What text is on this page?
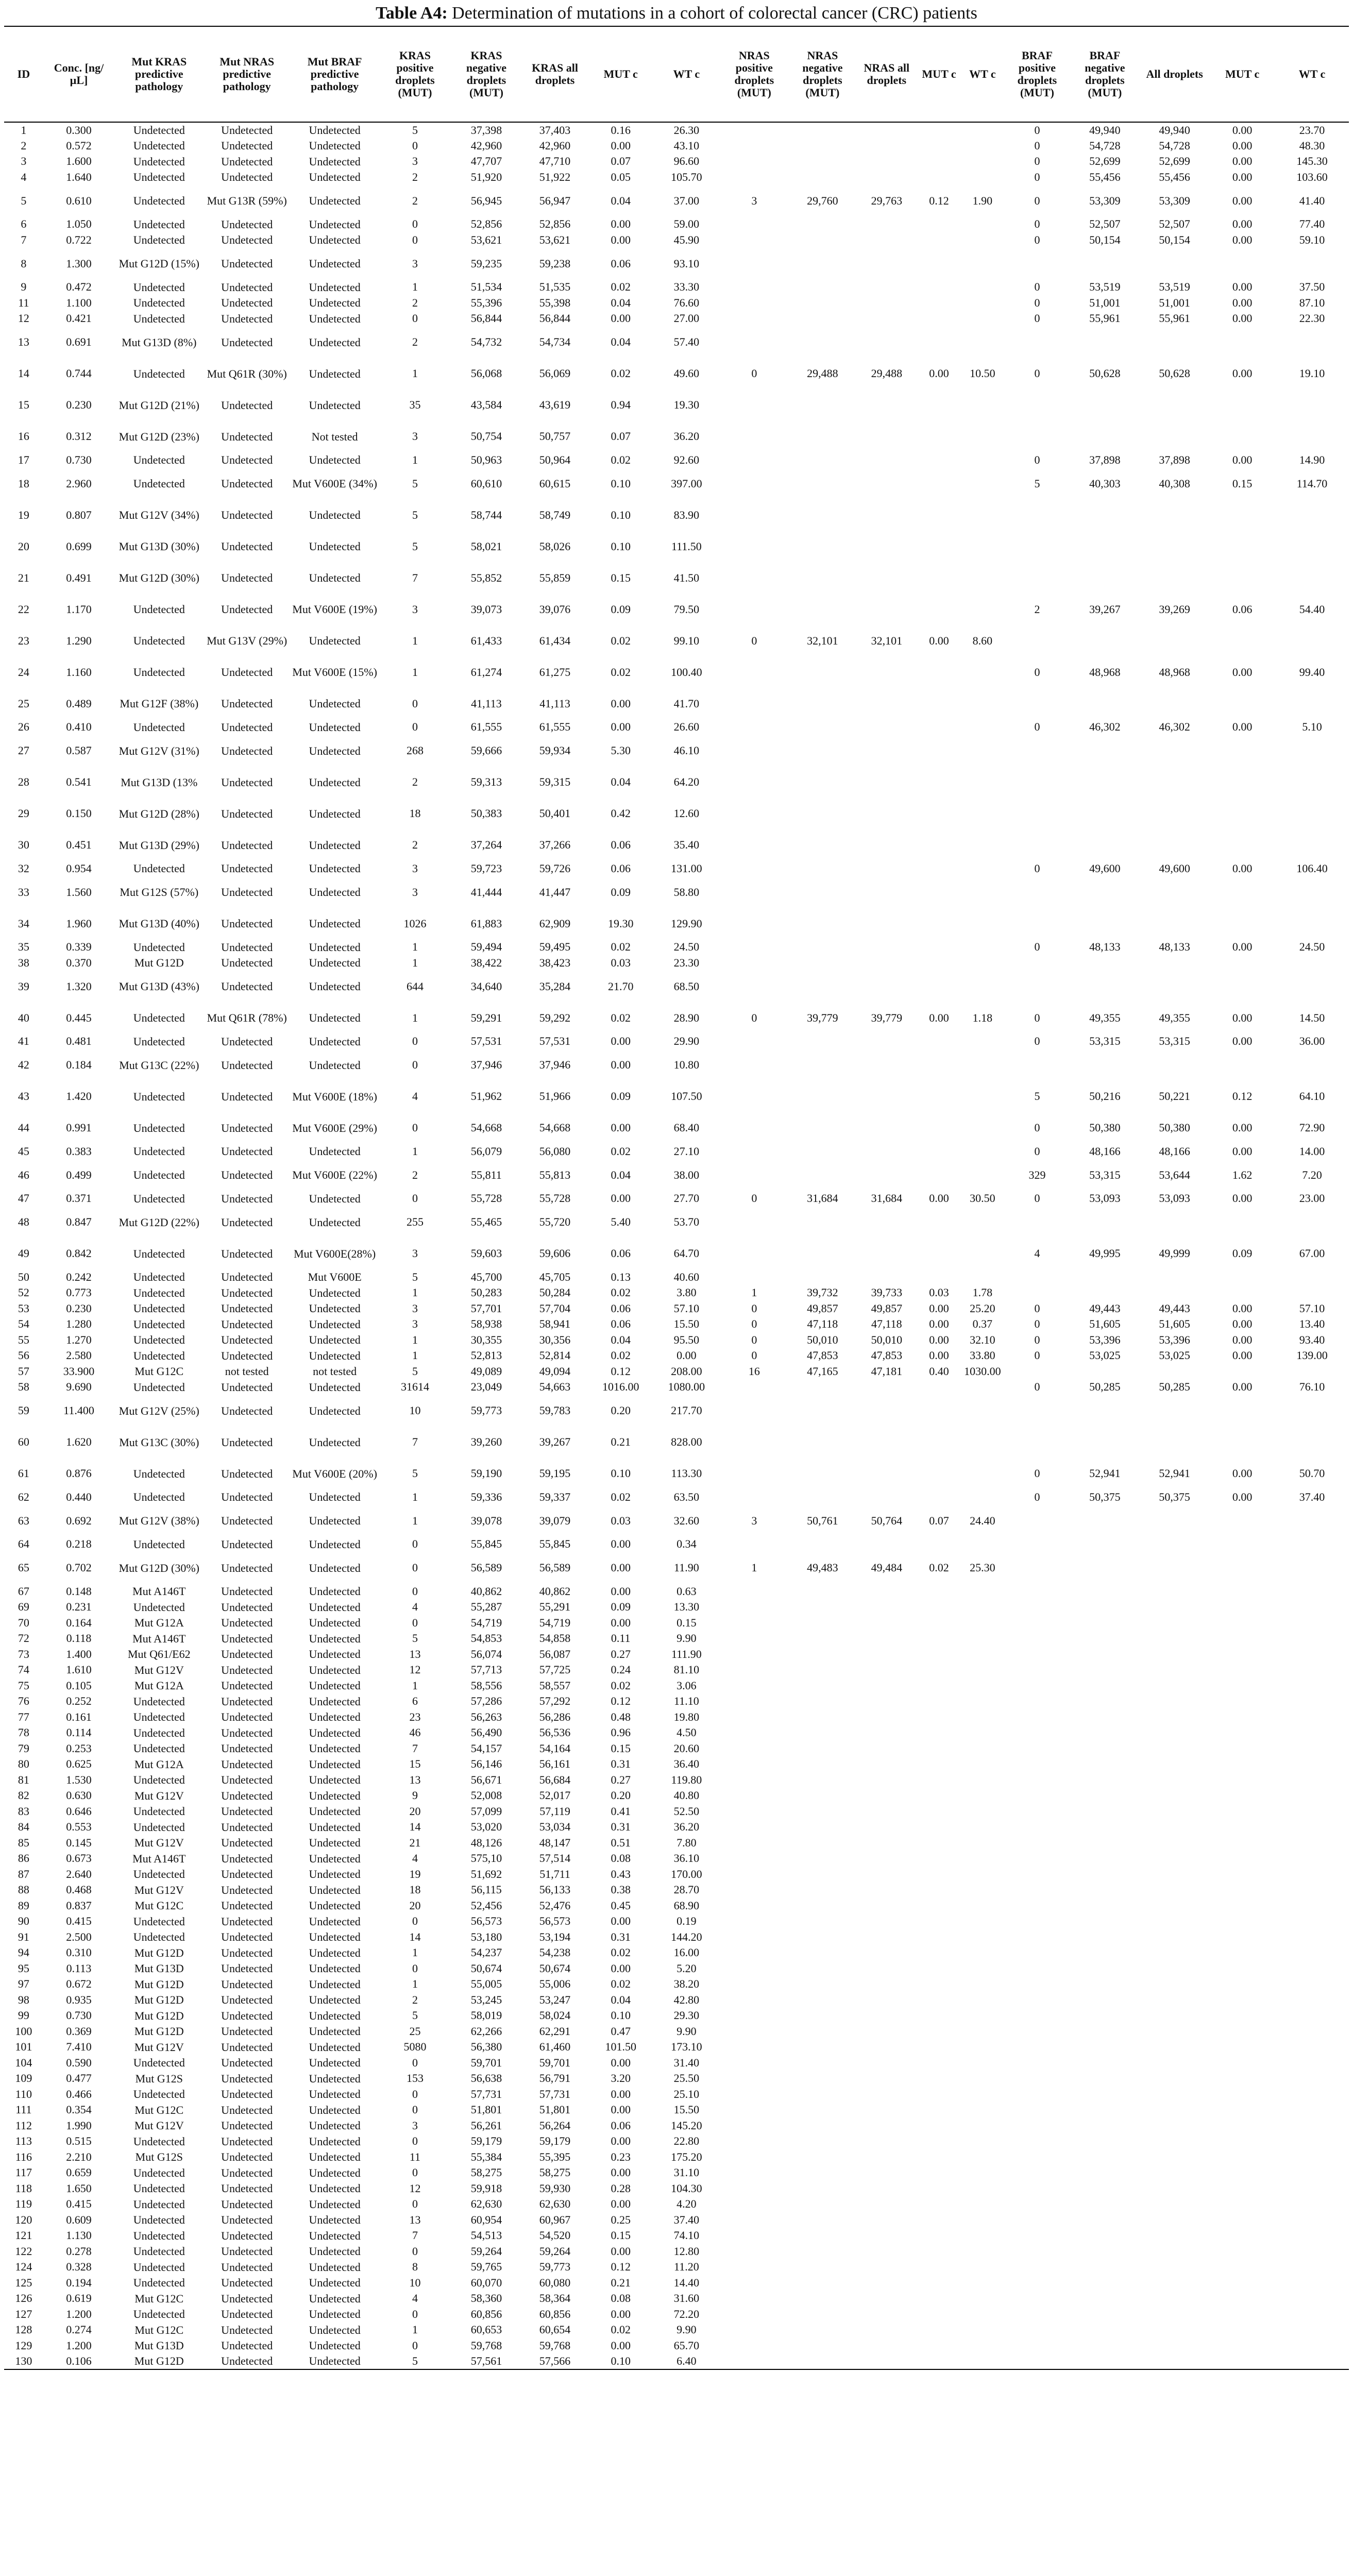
Table A4: Determination of mutations in a cohort of colorectal cancer (CRC) patients
ID	Conc. [ng/µL]	Mut KRAS predictive pathology	Mut NRAS predictive pathology	Mut BRAF predictive pathology	KRAS positive droplets (MUT)	KRAS negative droplets (MUT)	KRAS all droplets	MUT c	WT c	NRAS positive droplets (MUT)	NRAS negative droplets (MUT)	NRAS all droplets	MUT c	WT c	BRAF positive droplets (MUT)	BRAF negative droplets (MUT)	All droplets	MUT c	WT c
1	0.300	Undetected	Undetected	Undetected	5	37,398	37,403	0.16	26.30						0	49,940	49,940	0.00	23.70
2	0.572	Undetected	Undetected	Undetected	0	42,960	42,960	0.00	43.10						0	54,728	54,728	0.00	48.30
3	1.600	Undetected	Undetected	Undetected	3	47,707	47,710	0.07	96.60						0	52,699	52,699	0.00	145.30
4	1.640	Undetected	Undetected	Undetected	2	51,920	51,922	0.05	105.70						0	55,456	55,456	0.00	103.60
5	0.610	Undetected	Mut G13R (59%)	Undetected	2	56,945	56,947	0.04	37.00	3	29,760	29,763	0.12	1.90	0	53,309	53,309	0.00	41.40
6	1.050	Undetected	Undetected	Undetected	0	52,856	52,856	0.00	59.00						0	52,507	52,507	0.00	77.40
7	0.722	Undetected	Undetected	Undetected	0	53,621	53,621	0.00	45.90						0	50,154	50,154	0.00	59.10
8	1.300	Mut G12D (15%)	Undetected	Undetected	3	59,235	59,238	0.06	93.10										
9	0.472	Undetected	Undetected	Undetected	1	51,534	51,535	0.02	33.30						0	53,519	53,519	0.00	37.50
11	1.100	Undetected	Undetected	Undetected	2	55,396	55,398	0.04	76.60						0	51,001	51,001	0.00	87.10
12	0.421	Undetected	Undetected	Undetected	0	56,844	56,844	0.00	27.00						0	55,961	55,961	0.00	22.30
13	0.691	Mut G13D (8%)	Undetected	Undetected	2	54,732	54,734	0.04	57.40										
14	0.744	Undetected	Mut Q61R (30%)	Undetected	1	56,068	56,069	0.02	49.60	0	29,488	29,488	0.00	10.50	0	50,628	50,628	0.00	19.10
15	0.230	Mut G12D (21%)	Undetected	Undetected	35	43,584	43,619	0.94	19.30										
16	0.312	Mut G12D (23%)	Undetected	Not tested	3	50,754	50,757	0.07	36.20										
17	0.730	Undetected	Undetected	Undetected	1	50,963	50,964	0.02	92.60						0	37,898	37,898	0.00	14.90
18	2.960	Undetected	Undetected	Mut V600E (34%)	5	60,610	60,615	0.10	397.00						5	40,303	40,308	0.15	114.70
19	0.807	Mut G12V (34%)	Undetected	Undetected	5	58,744	58,749	0.10	83.90										
20	0.699	Mut G13D (30%)	Undetected	Undetected	5	58,021	58,026	0.10	111.50										
21	0.491	Mut G12D (30%)	Undetected	Undetected	7	55,852	55,859	0.15	41.50										
22	1.170	Undetected	Undetected	Mut V600E (19%)	3	39,073	39,076	0.09	79.50						2	39,267	39,269	0.06	54.40
23	1.290	Undetected	Mut G13V (29%)	Undetected	1	61,433	61,434	0.02	99.10	0	32,101	32,101	0.00	8.60					
24	1.160	Undetected	Undetected	Mut V600E (15%)	1	61,274	61,275	0.02	100.40						0	48,968	48,968	0.00	99.40
25	0.489	Mut G12F (38%)	Undetected	Undetected	0	41,113	41,113	0.00	41.70										
26	0.410	Undetected	Undetected	Undetected	0	61,555	61,555	0.00	26.60						0	46,302	46,302	0.00	5.10
27	0.587	Mut G12V (31%)	Undetected	Undetected	268	59,666	59,934	5.30	46.10										
28	0.541	Mut G13D (13%	Undetected	Undetected	2	59,313	59,315	0.04	64.20										
29	0.150	Mut G12D (28%)	Undetected	Undetected	18	50,383	50,401	0.42	12.60										
30	0.451	Mut G13D (29%)	Undetected	Undetected	2	37,264	37,266	0.06	35.40										
32	0.954	Undetected	Undetected	Undetected	3	59,723	59,726	0.06	131.00						0	49,600	49,600	0.00	106.40
33	1.560	Mut G12S (57%)	Undetected	Undetected	3	41,444	41,447	0.09	58.80										
34	1.960	Mut G13D (40%)	Undetected	Undetected	1026	61,883	62,909	19.30	129.90										
35	0.339	Undetected	Undetected	Undetected	1	59,494	59,495	0.02	24.50						0	48,133	48,133	0.00	24.50
38	0.370	Mut G12D	Undetected	Undetected	1	38,422	38,423	0.03	23.30										
39	1.320	Mut G13D (43%)	Undetected	Undetected	644	34,640	35,284	21.70	68.50										
40	0.445	Undetected	Mut Q61R (78%)	Undetected	1	59,291	59,292	0.02	28.90	0	39,779	39,779	0.00	1.18	0	49,355	49,355	0.00	14.50
41	0.481	Undetected	Undetected	Undetected	0	57,531	57,531	0.00	29.90						0	53,315	53,315	0.00	36.00
42	0.184	Mut G13C (22%)	Undetected	Undetected	0	37,946	37,946	0.00	10.80										
43	1.420	Undetected	Undetected	Mut V600E (18%)	4	51,962	51,966	0.09	107.50						5	50,216	50,221	0.12	64.10
44	0.991	Undetected	Undetected	Mut V600E (29%)	0	54,668	54,668	0.00	68.40						0	50,380	50,380	0.00	72.90
45	0.383	Undetected	Undetected	Undetected	1	56,079	56,080	0.02	27.10						0	48,166	48,166	0.00	14.00
46	0.499	Undetected	Undetected	Mut V600E (22%)	2	55,811	55,813	0.04	38.00						329	53,315	53,644	1.62	7.20
47	0.371	Undetected	Undetected	Undetected	0	55,728	55,728	0.00	27.70	0	31,684	31,684	0.00	30.50	0	53,093	53,093	0.00	23.00
48	0.847	Mut G12D (22%)	Undetected	Undetected	255	55,465	55,720	5.40	53.70										
49	0.842	Undetected	Undetected	Mut V600E(28%)	3	59,603	59,606	0.06	64.70						4	49,995	49,999	0.09	67.00
50	0.242	Undetected	Undetected	Mut V600E	5	45,700	45,705	0.13	40.60										
52	0.773	Undetected	Undetected	Undetected	1	50,283	50,284	0.02	3.80	1	39,732	39,733	0.03	1.78					
53	0.230	Undetected	Undetected	Undetected	3	57,701	57,704	0.06	57.10	0	49,857	49,857	0.00	25.20	0	49,443	49,443	0.00	57.10
54	1.280	Undetected	Undetected	Undetected	3	58,938	58,941	0.06	15.50	0	47,118	47,118	0.00	0.37	0	51,605	51,605	0.00	13.40
55	1.270	Undetected	Undetected	Undetected	1	30,355	30,356	0.04	95.50	0	50,010	50,010	0.00	32.10	0	53,396	53,396	0.00	93.40
56	2.580	Undetected	Undetected	Undetected	1	52,813	52,814	0.02	0.00	0	47,853	47,853	0.00	33.80	0	53,025	53,025	0.00	139.00
57	33.900	Mut G12C	not tested	not tested	5	49,089	49,094	0.12	208.00	16	47,165	47,181	0.40	1030.00					
58	9.690	Undetected	Undetected	Undetected	31614	23,049	54,663	1016.00	1080.00						0	50,285	50,285	0.00	76.10
59	11.400	Mut G12V (25%)	Undetected	Undetected	10	59,773	59,783	0.20	217.70										
60	1.620	Mut G13C (30%)	Undetected	Undetected	7	39,260	39,267	0.21	828.00										
61	0.876	Undetected	Undetected	Mut V600E (20%)	5	59,190	59,195	0.10	113.30						0	52,941	52,941	0.00	50.70
62	0.440	Undetected	Undetected	Undetected	1	59,336	59,337	0.02	63.50						0	50,375	50,375	0.00	37.40
63	0.692	Mut G12V (38%)	Undetected	Undetected	1	39,078	39,079	0.03	32.60	3	50,761	50,764	0.07	24.40					
64	0.218	Undetected	Undetected	Undetected	0	55,845	55,845	0.00	0.34										
65	0.702	Mut G12D (30%)	Undetected	Undetected	0	56,589	56,589	0.00	11.90	1	49,483	49,484	0.02	25.30					
67	0.148	Mut A146T	Undetected	Undetected	0	40,862	40,862	0.00	0.63										
69	0.231	Undetected	Undetected	Undetected	4	55,287	55,291	0.09	13.30										
70	0.164	Mut G12A	Undetected	Undetected	0	54,719	54,719	0.00	0.15										
72	0.118	Mut A146T	Undetected	Undetected	5	54,853	54,858	0.11	9.90										
73	1.400	Mut Q61/E62	Undetected	Undetected	13	56,074	56,087	0.27	111.90										
74	1.610	Mut G12V	Undetected	Undetected	12	57,713	57,725	0.24	81.10										
75	0.105	Mut G12A	Undetected	Undetected	1	58,556	58,557	0.02	3.06										
76	0.252	Undetected	Undetected	Undetected	6	57,286	57,292	0.12	11.10										
77	0.161	Undetected	Undetected	Undetected	23	56,263	56,286	0.48	19.80										
78	0.114	Undetected	Undetected	Undetected	46	56,490	56,536	0.96	4.50										
79	0.253	Undetected	Undetected	Undetected	7	54,157	54,164	0.15	20.60										
80	0.625	Mut G12A	Undetected	Undetected	15	56,146	56,161	0.31	36.40										
81	1.530	Undetected	Undetected	Undetected	13	56,671	56,684	0.27	119.80										
82	0.630	Mut G12V	Undetected	Undetected	9	52,008	52,017	0.20	40.80										
83	0.646	Undetected	Undetected	Undetected	20	57,099	57,119	0.41	52.50										
84	0.553	Undetected	Undetected	Undetected	14	53,020	53,034	0.31	36.20										
85	0.145	Mut G12V	Undetected	Undetected	21	48,126	48,147	0.51	7.80										
86	0.673	Mut A146T	Undetected	Undetected	4	575,10	57,514	0.08	36.10										
87	2.640	Undetected	Undetected	Undetected	19	51,692	51,711	0.43	170.00										
88	0.468	Mut G12V	Undetected	Undetected	18	56,115	56,133	0.38	28.70										
89	0.837	Mut G12C	Undetected	Undetected	20	52,456	52,476	0.45	68.90										
90	0.415	Undetected	Undetected	Undetected	0	56,573	56,573	0.00	0.19										
91	2.500	Undetected	Undetected	Undetected	14	53,180	53,194	0.31	144.20										
94	0.310	Mut G12D	Undetected	Undetected	1	54,237	54,238	0.02	16.00										
95	0.113	Mut G13D	Undetected	Undetected	0	50,674	50,674	0.00	5.20										
97	0.672	Mut G12D	Undetected	Undetected	1	55,005	55,006	0.02	38.20										
98	0.935	Mut G12D	Undetected	Undetected	2	53,245	53,247	0.04	42.80										
99	0.730	Mut G12D	Undetected	Undetected	5	58,019	58,024	0.10	29.30										
100	0.369	Mut G12D	Undetected	Undetected	25	62,266	62,291	0.47	9.90										
101	7.410	Mut G12V	Undetected	Undetected	5080	56,380	61,460	101.50	173.10										
104	0.590	Undetected	Undetected	Undetected	0	59,701	59,701	0.00	31.40										
109	0.477	Mut G12S	Undetected	Undetected	153	56,638	56,791	3.20	25.50										
110	0.466	Undetected	Undetected	Undetected	0	57,731	57,731	0.00	25.10										
111	0.354	Mut G12C	Undetected	Undetected	0	51,801	51,801	0.00	15.50										
112	1.990	Mut G12V	Undetected	Undetected	3	56,261	56,264	0.06	145.20										
113	0.515	Undetected	Undetected	Undetected	0	59,179	59,179	0.00	22.80										
116	2.210	Mut G12S	Undetected	Undetected	11	55,384	55,395	0.23	175.20										
117	0.659	Undetected	Undetected	Undetected	0	58,275	58,275	0.00	31.10										
118	1.650	Undetected	Undetected	Undetected	12	59,918	59,930	0.28	104.30										
119	0.415	Undetected	Undetected	Undetected	0	62,630	62,630	0.00	4.20										
120	0.609	Undetected	Undetected	Undetected	13	60,954	60,967	0.25	37.40										
121	1.130	Undetected	Undetected	Undetected	7	54,513	54,520	0.15	74.10										
122	0.278	Undetected	Undetected	Undetected	0	59,264	59,264	0.00	12.80										
124	0.328	Undetected	Undetected	Undetected	8	59,765	59,773	0.12	11.20										
125	0.194	Undetected	Undetected	Undetected	10	60,070	60,080	0.21	14.40										
126	0.619	Mut G12C	Undetected	Undetected	4	58,360	58,364	0.08	31.60										
127	1.200	Undetected	Undetected	Undetected	0	60,856	60,856	0.00	72.20										
128	0.274	Mut G12C	Undetected	Undetected	1	60,653	60,654	0.02	9.90										
129	1.200	Mut G13D	Undetected	Undetected	0	59,768	59,768	0.00	65.70										
130	0.106	Mut G12D	Undetected	Undetected	5	57,561	57,566	0.10	6.40										
